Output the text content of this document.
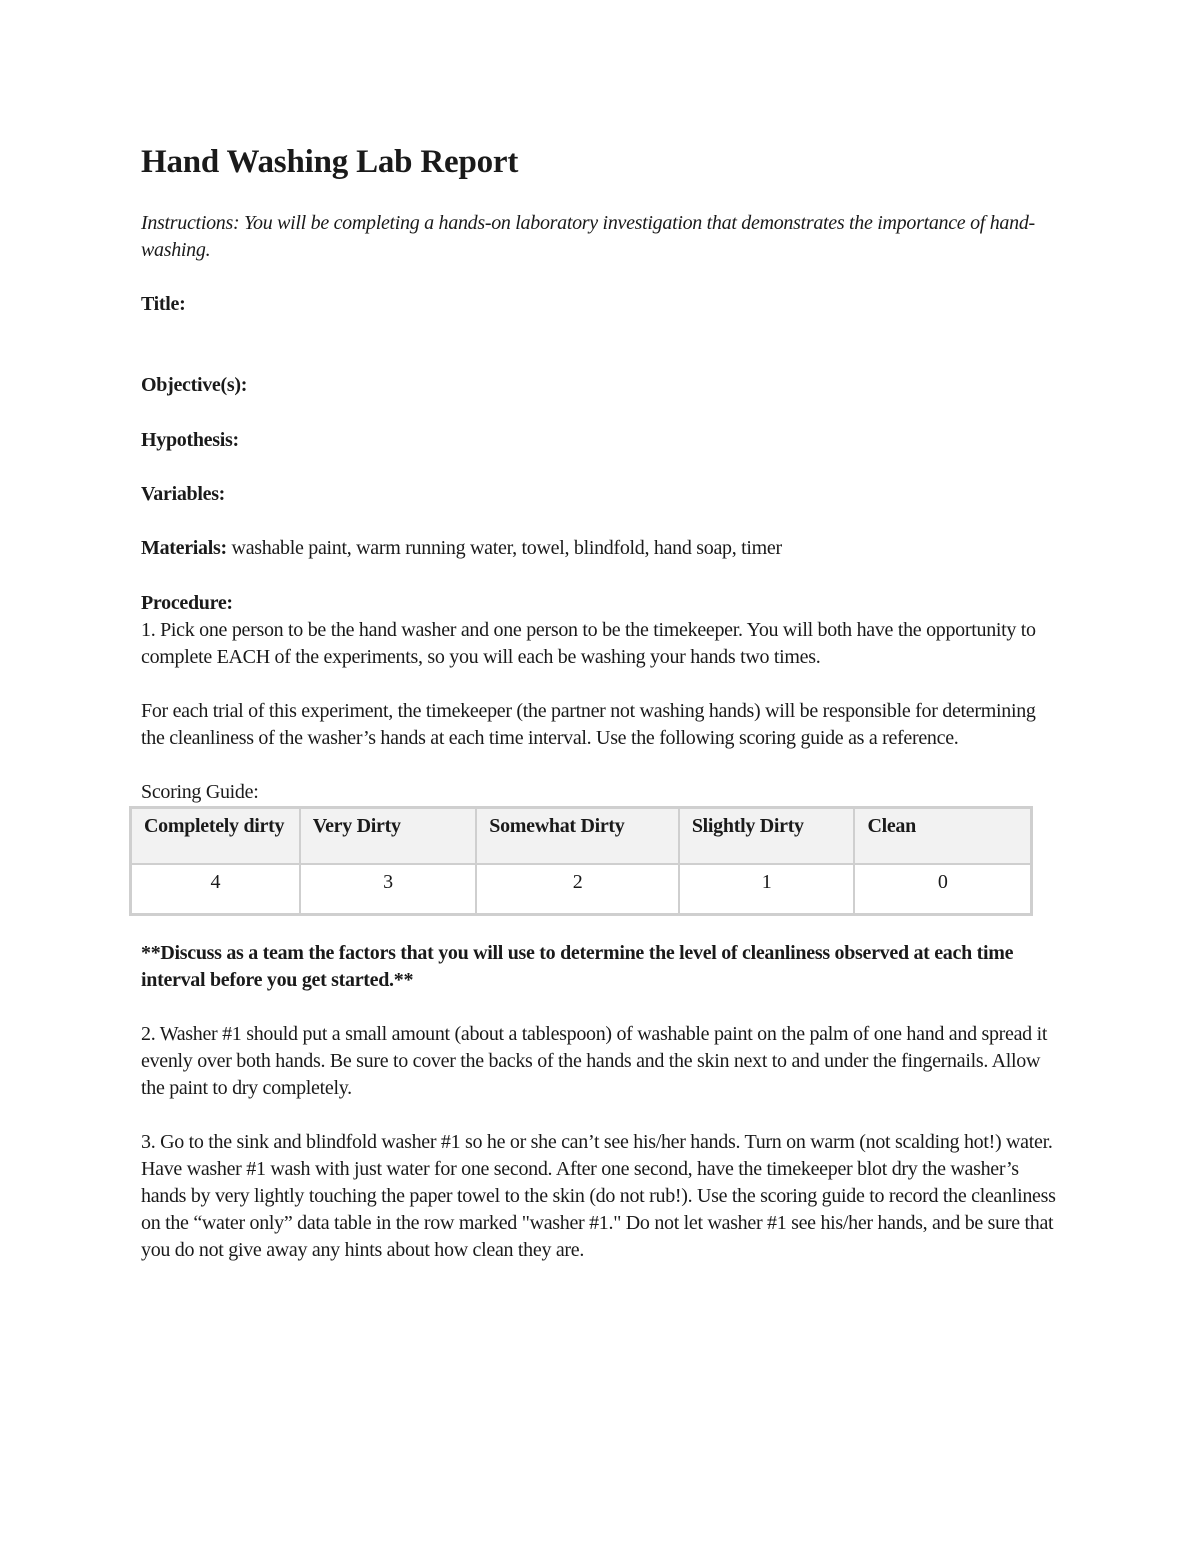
Hand Washing Lab Report

Instructions: You will be completing a hands-on laboratory investigation that demonstrates the importance of hand-washing.

Title:

Objective(s):

Hypothesis:

Variables:

Materials: washable paint, warm running water, towel, blindfold, hand soap, timer

Procedure:

1. Pick one person to be the hand washer and one person to be the timekeeper. You will both have the opportunity to complete EACH of the experiments, so you will each be washing your hands two times.

For each trial of this experiment, the timekeeper (the partner not washing hands) will be responsible for determining the cleanliness of the washer’s hands at each time interval. Use the following scoring guide as a reference.

Scoring Guide:

Completely dirty	Very Dirty	Somewhat Dirty	Slightly Dirty	Clean
4	3	2	1	0

**Discuss as a team the factors that you will use to determine the level of cleanliness observed at each time interval before you get started.**

2. Washer #1 should put a small amount (about a tablespoon) of washable paint on the palm of one hand and spread it evenly over both hands. Be sure to cover the backs of the hands and the skin next to and under the fingernails. Allow the paint to dry completely.

3. Go to the sink and blindfold washer #1 so he or she can’t see his/her hands. Turn on warm (not scalding hot!) water. Have washer #1 wash with just water for one second. After one second, have the timekeeper blot dry the washer’s hands by very lightly touching the paper towel to the skin (do not rub!). Use the scoring guide to record the cleanliness on the “water only” data table in the row marked "washer #1." Do not let washer #1 see his/her hands, and be sure that you do not give away any hints about how clean they are.
